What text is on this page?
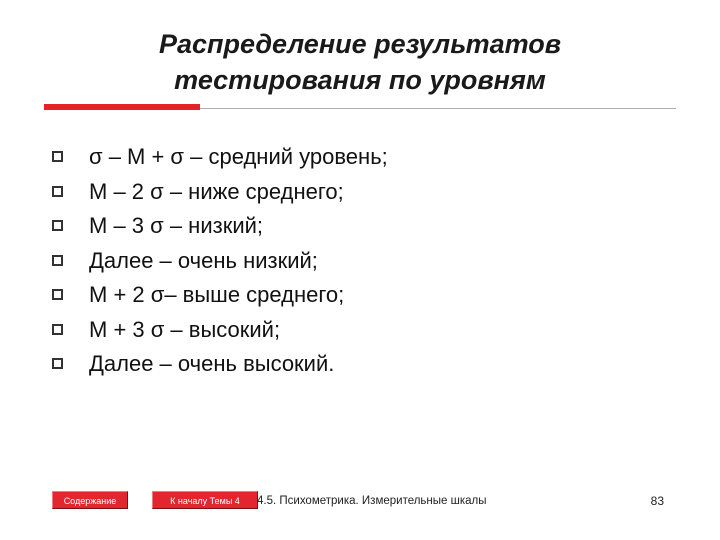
Распределение результатов
тестирования по уровням
σ – М + σ – средний уровень;
М – 2 σ – ниже среднего;
М – 3 σ – низкий;
Далее – очень низкий;
М + 2 σ– выше среднего;
М + 3 σ – высокий;
Далее – очень высокий.
Содержание	К началу Темы 4	4.5. Психометрика. Измерительные шкалы	83
